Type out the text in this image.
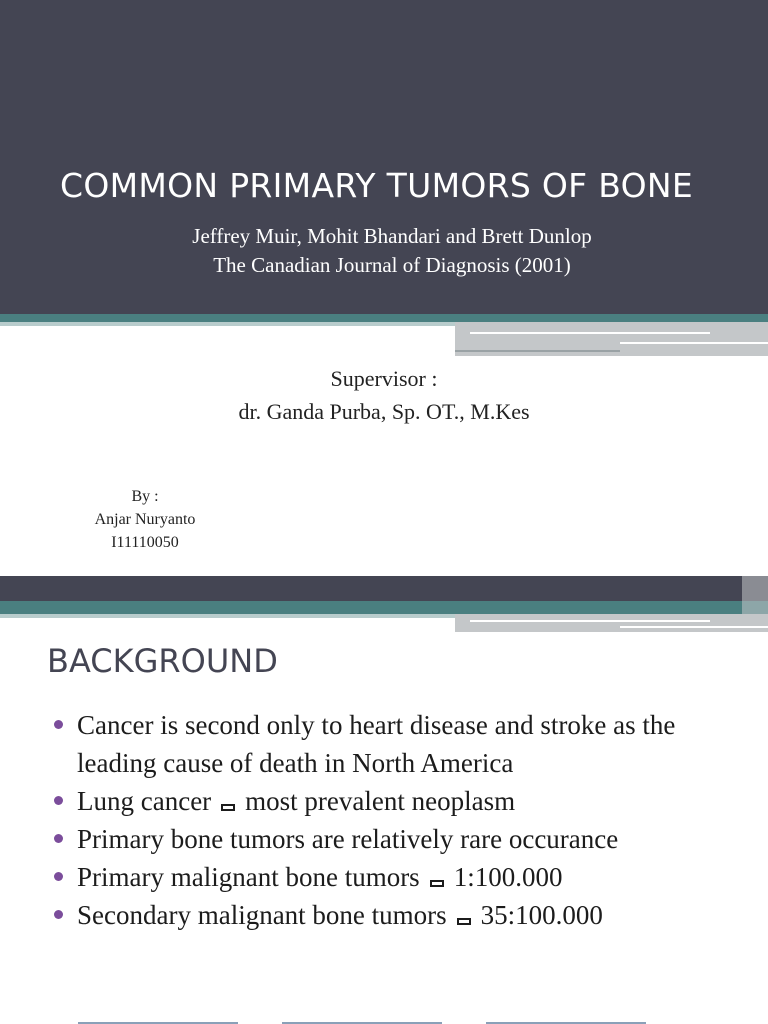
COMMON PRIMARY TUMORS OF BONE
Jeffrey Muir, Mohit Bhandari and Brett Dunlop
The Canadian Journal of Diagnosis (2001)
Supervisor :
dr. Ganda Purba, Sp. OT., M.Kes
By :
Anjar Nuryanto
I11110050
BACKGROUND
Cancer is second only to heart disease and stroke as the leading cause of death in North America
Lung cancer most prevalent neoplasm
Primary bone tumors are relatively rare occurance
Primary malignant bone tumors 1:100.000
Secondary malignant bone tumors 35:100.000
